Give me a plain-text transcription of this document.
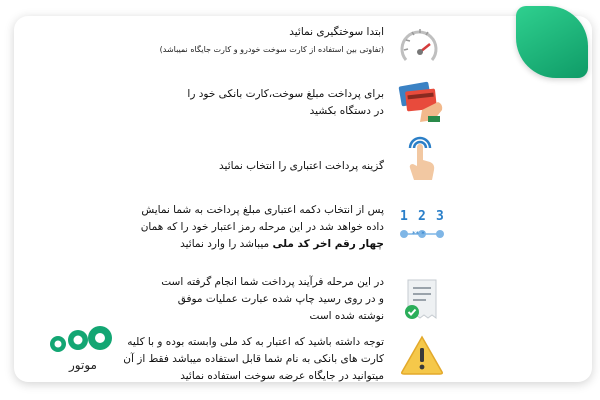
ابتدا سوختگیری نمائید
(تفاوتی بین استفاده از کارت سوخت خودرو و کارت جایگاه نمیباشد)
برای پرداخت مبلغ سوخت،کارت بانکی خود را
در دستگاه بکشید
گزینه پرداخت اعتباری را انتخاب نمائید
پس از انتخاب دکمه اعتباری مبلغ پرداخت به شما نمایش
داده خواهد شد در این مرحله رمز اعتبار خود را که همان
چهار رقم اخر کد ملی میباشد را وارد نمائید
1 2 3
** *
در این مرحله فرآیند پرداخت شما انجام گرفته است
و در روی رسید چاپ شده عبارت عملیات موفق
نوشته شده است
توجه داشته باشید که اعتبار به کد ملی وابسته بوده و با کلیه
کارت های بانکی به نام شما قابل استفاده میباشد فقط از آن
میتوانید در جایگاه عرضه سوخت استفاده نمائید
موتور
